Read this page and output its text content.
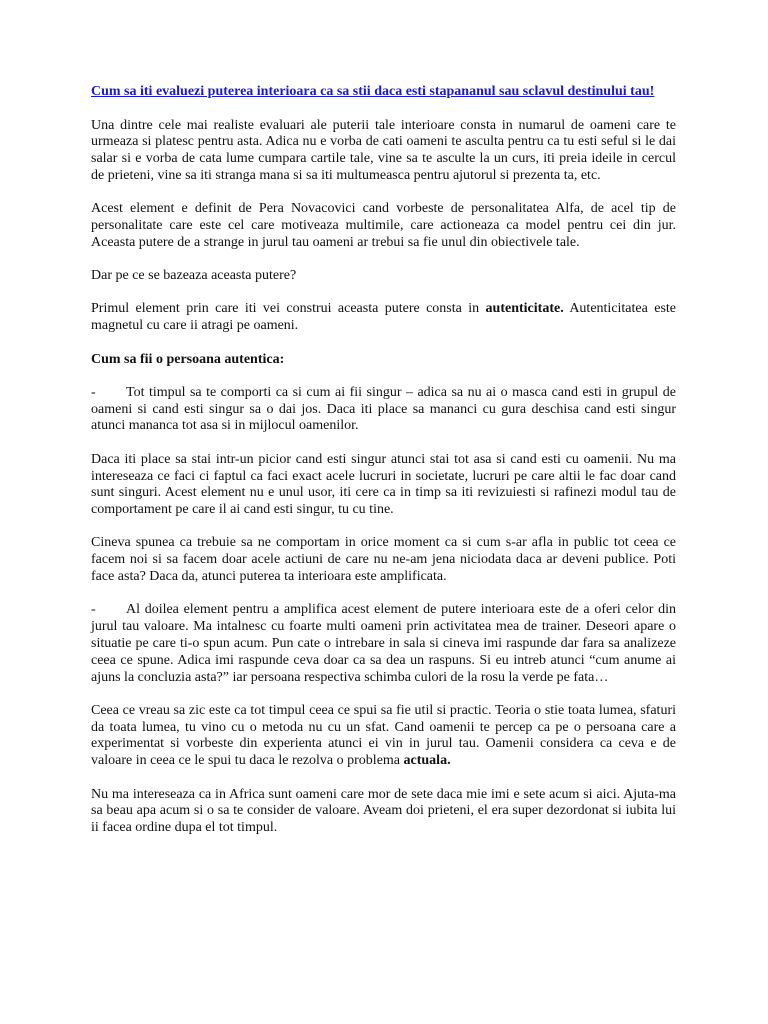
Cum sa iti evaluezi puterea interioara ca sa stii daca esti stapananul sau sclavul destinului tau!

Una dintre cele mai realiste evaluari ale puterii tale interioare consta in numarul de oameni care te urmeaza si platesc pentru asta. Adica nu e vorba de cati oameni te asculta pentru ca tu esti seful si le dai salar si e vorba de cata lume cumpara cartile tale, vine sa te asculte la un curs, iti preia ideile in cercul de prieteni, vine sa iti stranga mana si sa iti multumeasca pentru ajutorul si prezenta ta, etc.

Acest element e definit de Pera Novacovici cand vorbeste de personalitatea Alfa, de acel tip de personalitate care este cel care motiveaza multimile, care actioneaza ca model pentru cei din jur. Aceasta putere de a strange in jurul tau oameni ar trebui sa fie unul din obiectivele tale.

Dar pe ce se bazeaza aceasta putere?

Primul element prin care iti vei construi aceasta putere consta in autenticitate. Autenticitatea este magnetul cu care ii atragi pe oameni.

Cum sa fii o persoana autentica:

- Tot timpul sa te comporti ca si cum ai fii singur – adica sa nu ai o masca cand esti in grupul de oameni si cand esti singur sa o dai jos. Daca iti place sa mananci cu gura deschisa cand esti singur atunci mananca tot asa si in mijlocul oamenilor.

Daca iti place sa stai intr-un picior cand esti singur atunci stai tot asa si cand esti cu oamenii. Nu ma intereseaza ce faci ci faptul ca faci exact acele lucruri in societate, lucruri pe care altii le fac doar cand sunt singuri. Acest element nu e unul usor, iti cere ca in timp sa iti revizuiesti si rafinezi modul tau de comportament pe care il ai cand esti singur, tu cu tine.

Cineva spunea ca trebuie sa ne comportam in orice moment ca si cum s-ar afla in public tot ceea ce facem noi si sa facem doar acele actiuni de care nu ne-am jena niciodata daca ar deveni publice. Poti face asta? Daca da, atunci puterea ta interioara este amplificata.

- Al doilea element pentru a amplifica acest element de putere interioara este de a oferi celor din jurul tau valoare. Ma intalnesc cu foarte multi oameni prin activitatea mea de trainer. Deseori apare o situatie pe care ti-o spun acum. Pun cate o intrebare in sala si cineva imi raspunde dar fara sa analizeze ceea ce spune. Adica imi raspunde ceva doar ca sa dea un raspuns. Si eu intreb atunci “cum anume ai ajuns la concluzia asta?” iar persoana respectiva schimba culori de la rosu la verde pe fata…

Ceea ce vreau sa zic este ca tot timpul ceea ce spui sa fie util si practic. Teoria o stie toata lumea, sfaturi da toata lumea, tu vino cu o metoda nu cu un sfat. Cand oamenii te percep ca pe o persoana care a experimentat si vorbeste din experienta atunci ei vin in jurul tau. Oamenii considera ca ceva e de valoare in ceea ce le spui tu daca le rezolva o problema actuala.

Nu ma intereseaza ca in Africa sunt oameni care mor de sete daca mie imi e sete acum si aici. Ajuta-ma sa beau apa acum si o sa te consider de valoare. Aveam doi prieteni, el era super dezordonat si iubita lui ii facea ordine dupa el tot timpul.
